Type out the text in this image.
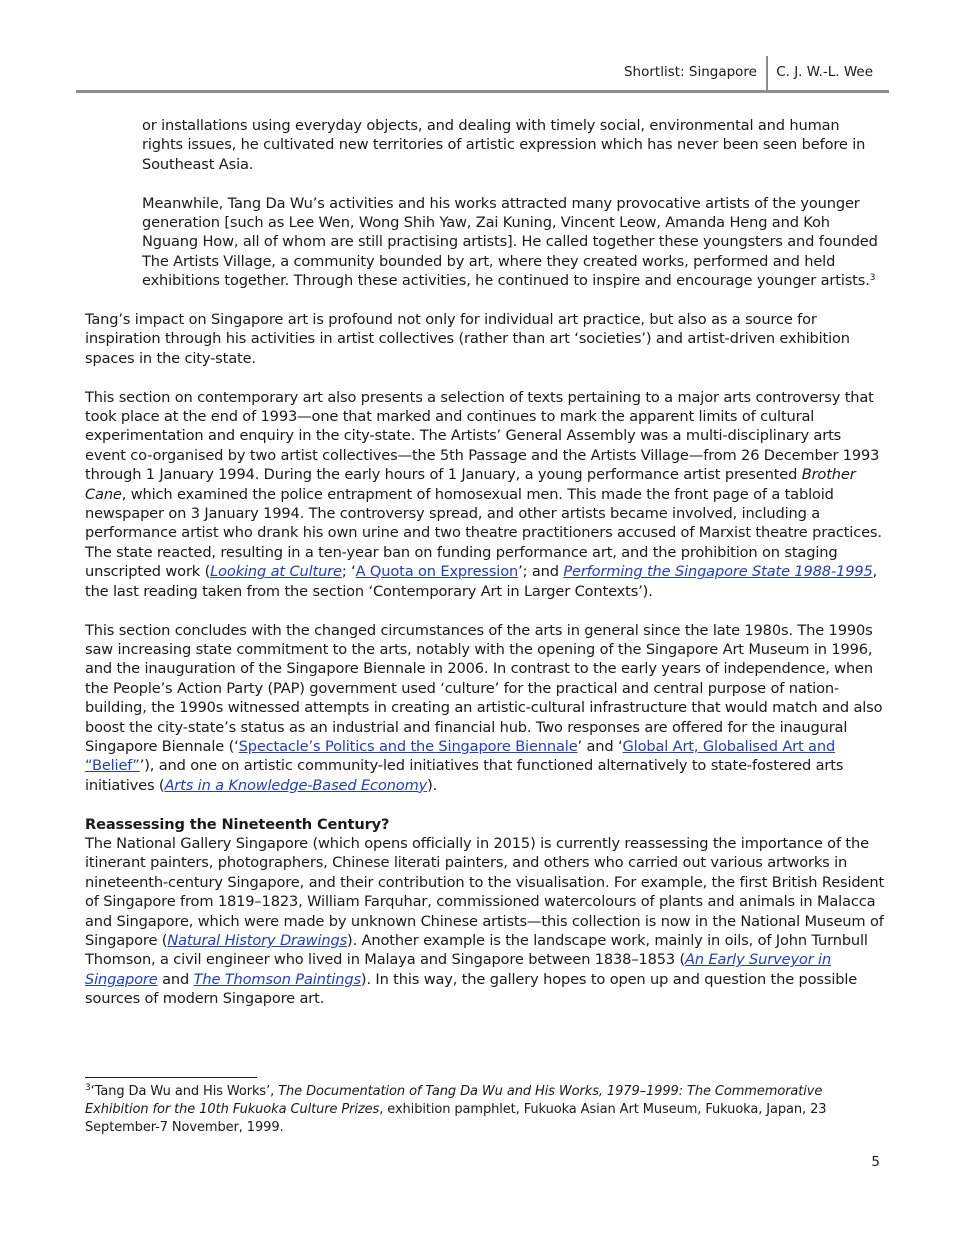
Shortlist: Singapore C. J. W.-L. Wee

or installations using everyday objects, and dealing with timely social, environmental and human rights issues, he cultivated new territories of artistic expression which has never been seen before in Southeast Asia.

Meanwhile, Tang Da Wu’s activities and his works attracted many provocative artists of the younger generation [such as Lee Wen, Wong Shih Yaw, Zai Kuning, Vincent Leow, Amanda Heng and Koh Nguang How, all of whom are still practising artists]. He called together these youngsters and founded The Artists Village, a community bounded by art, where they created works, performed and held exhibitions together. Through these activities, he continued to inspire and encourage younger artists.$^3$

Tang’s impact on Singapore art is profound not only for individual art practice, but also as a source for inspiration through his activities in artist collectives (rather than art ‘societies’) and artist-driven exhibition spaces in the city-state.

This section on contemporary art also presents a selection of texts pertaining to a major arts controversy that took place at the end of 1993—one that marked and continues to mark the apparent limits of cultural experimentation and enquiry in the city-state. The Artists’ General Assembly was a multi-disciplinary arts event co-organised by two artist collectives—the 5th Passage and the Artists Village—from 26 December 1993 through 1 January 1994. During the early hours of 1 January, a young performance artist presented Brother Cane, which examined the police entrapment of homosexual men. This made the front page of a tabloid newspaper on 3 January 1994. The controversy spread, and other artists became involved, including a performance artist who drank his own urine and two theatre practitioners accused of Marxist theatre practices. The state reacted, resulting in a ten-year ban on funding performance art, and the prohibition on staging unscripted work (Looking at Culture; ‘A Quota on Expression’; and Performing the Singapore State 1988-1995, the last reading taken from the section ‘Contemporary Art in Larger Contexts’).

This section concludes with the changed circumstances of the arts in general since the late 1980s. The 1990s saw increasing state commitment to the arts, notably with the opening of the Singapore Art Museum in 1996, and the inauguration of the Singapore Biennale in 2006. In contrast to the early years of independence, when the People’s Action Party (PAP) government used ‘culture’ for the practical and central purpose of nation-building, the 1990s witnessed attempts in creating an artistic-cultural infrastructure that would match and also boost the city-state’s status as an industrial and financial hub. Two responses are offered for the inaugural Singapore Biennale (‘Spectacle’s Politics and the Singapore Biennale’ and ‘Global Art, Globalised Art and “Belief”’), and one on artistic community-led initiatives that functioned alternatively to state-fostered arts initiatives (Arts in a Knowledge-Based Economy).

Reassessing the Nineteenth Century?

The National Gallery Singapore (which opens officially in 2015) is currently reassessing the importance of the itinerant painters, photographers, Chinese literati painters, and others who carried out various artworks in nineteenth-century Singapore, and their contribution to the visualisation. For example, the first British Resident of Singapore from 1819–1823, William Farquhar, commissioned watercolours of plants and animals in Malacca and Singapore, which were made by unknown Chinese artists—this collection is now in the National Museum of Singapore (Natural History Drawings). Another example is the landscape work, mainly in oils, of John Turnbull Thomson, a civil engineer who lived in Malaya and Singapore between 1838–1853 (An Early Surveyor in Singapore and The Thomson Paintings). In this way, the gallery hopes to open up and question the possible sources of modern Singapore art.

$^3$‘Tang Da Wu and His Works’, The Documentation of Tang Da Wu and His Works, 1979–1999: The Commemorative Exhibition for the 10th Fukuoka Culture Prizes, exhibition pamphlet, Fukuoka Asian Art Museum, Fukuoka, Japan, 23 September-7 November, 1999.
5
